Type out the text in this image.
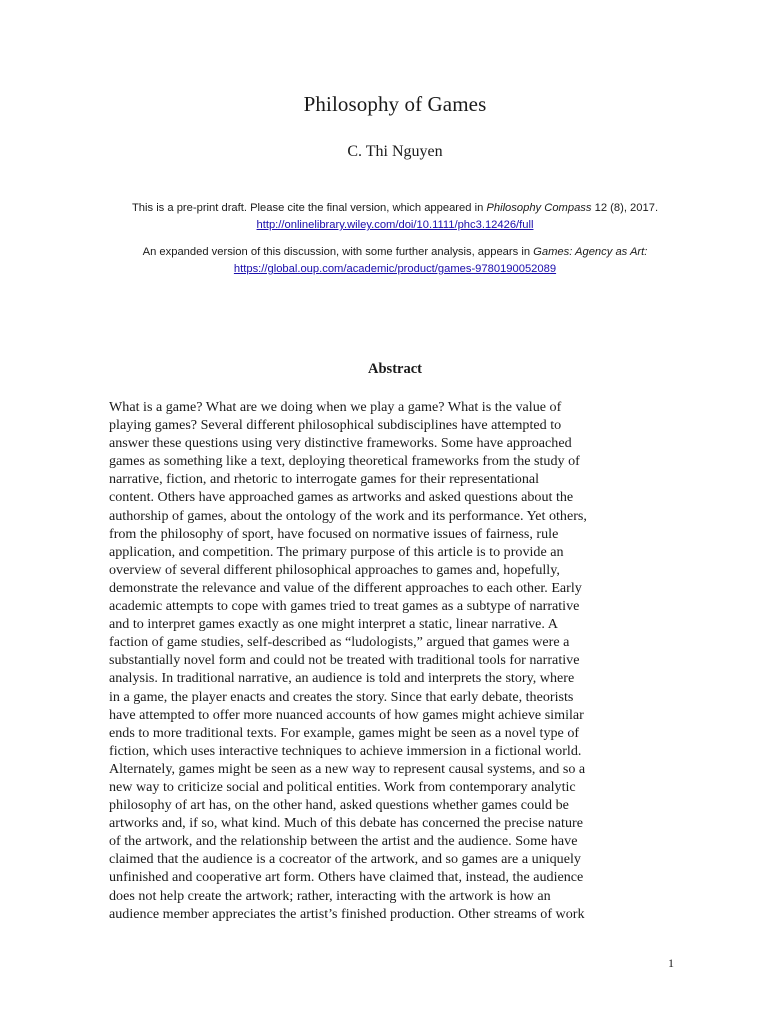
Philosophy of Games
C. Thi Nguyen
This is a pre-print draft. Please cite the final version, which appeared in Philosophy Compass 12 (8), 2017.
http://onlinelibrary.wiley.com/doi/10.1111/phc3.12426/full
An expanded version of this discussion, with some further analysis, appears in Games: Agency as Art:
https://global.oup.com/academic/product/games-9780190052089
Abstract

What is a game? What are we doing when we play a game? What is the value of
playing games? Several different philosophical subdisciplines have attempted to
answer these questions using very distinctive frameworks. Some have approached
games as something like a text, deploying theoretical frameworks from the study of
narrative, fiction, and rhetoric to interrogate games for their representational
content. Others have approached games as artworks and asked questions about the
authorship of games, about the ontology of the work and its performance. Yet others,
from the philosophy of sport, have focused on normative issues of fairness, rule
application, and competition. The primary purpose of this article is to provide an
overview of several different philosophical approaches to games and, hopefully,
demonstrate the relevance and value of the different approaches to each other. Early
academic attempts to cope with games tried to treat games as a subtype of narrative
and to interpret games exactly as one might interpret a static, linear narrative. A
faction of game studies, self-described as “ludologists,” argued that games were a
substantially novel form and could not be treated with traditional tools for narrative
analysis. In traditional narrative, an audience is told and interprets the story, where
in a game, the player enacts and creates the story. Since that early debate, theorists
have attempted to offer more nuanced accounts of how games might achieve similar
ends to more traditional texts. For example, games might be seen as a novel type of
fiction, which uses interactive techniques to achieve immersion in a fictional world.
Alternately, games might be seen as a new way to represent causal systems, and so a
new way to criticize social and political entities. Work from contemporary analytic
philosophy of art has, on the other hand, asked questions whether games could be
artworks and, if so, what kind. Much of this debate has concerned the precise nature
of the artwork, and the relationship between the artist and the audience. Some have
claimed that the audience is a cocreator of the artwork, and so games are a uniquely
unfinished and cooperative art form. Others have claimed that, instead, the audience
does not help create the artwork; rather, interacting with the artwork is how an
audience member appreciates the artist’s finished production. Other streams of work

1
